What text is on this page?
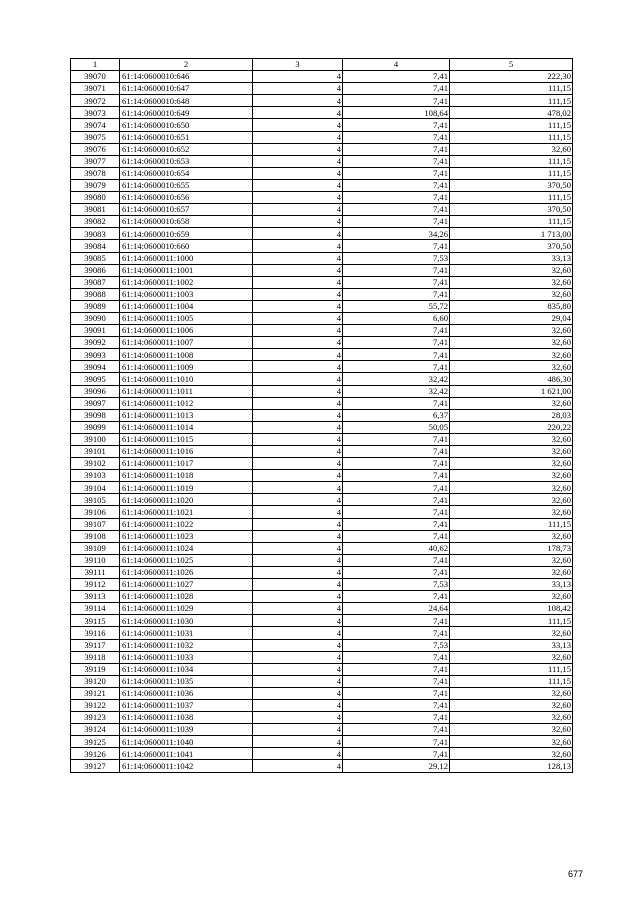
1	2	3	4	5
39070	61:14:0600010:646	4	7,41	222,30
39071	61:14:0600010:647	4	7,41	111,15
39072	61:14:0600010:648	4	7,41	111,15
39073	61:14:0600010:649	4	108,64	478,02
39074	61:14:0600010:650	4	7,41	111,15
39075	61:14:0600010:651	4	7,41	111,15
39076	61:14:0600010:652	4	7,41	32,60
39077	61:14:0600010:653	4	7,41	111,15
39078	61:14:0600010:654	4	7,41	111,15
39079	61:14:0600010:655	4	7,41	370,50
39080	61:14:0600010:656	4	7,41	111,15
39081	61:14:0600010:657	4	7,41	370,50
39082	61:14:0600010:658	4	7,41	111,15
39083	61:14:0600010:659	4	34,26	1 713,00
39084	61:14:0600010:660	4	7,41	370,50
39085	61:14:0600011:1000	4	7,53	33,13
39086	61:14:0600011:1001	4	7,41	32,60
39087	61:14:0600011:1002	4	7,41	32,60
39088	61:14:0600011:1003	4	7,41	32,60
39089	61:14:0600011:1004	4	55,72	835,80
39090	61:14:0600011:1005	4	6,60	29,04
39091	61:14:0600011:1006	4	7,41	32,60
39092	61:14:0600011:1007	4	7,41	32,60
39093	61:14:0600011:1008	4	7,41	32,60
39094	61:14:0600011:1009	4	7,41	32,60
39095	61:14:0600011:1010	4	32,42	486,30
39096	61:14:0600011:1011	4	32,42	1 621,00
39097	61:14:0600011:1012	4	7,41	32,60
39098	61:14:0600011:1013	4	6,37	28,03
39099	61:14:0600011:1014	4	50,05	220,22
39100	61:14:0600011:1015	4	7,41	32,60
39101	61:14:0600011:1016	4	7,41	32,60
39102	61:14:0600011:1017	4	7,41	32,60
39103	61:14:0600011:1018	4	7,41	32,60
39104	61:14:0600011:1019	4	7,41	32,60
39105	61:14:0600011:1020	4	7,41	32,60
39106	61:14:0600011:1021	4	7,41	32,60
39107	61:14:0600011:1022	4	7,41	111,15
39108	61:14:0600011:1023	4	7,41	32,60
39109	61:14:0600011:1024	4	40,62	178,73
39110	61:14:0600011:1025	4	7,41	32,60
39111	61:14:0600011:1026	4	7,41	32,60
39112	61:14:0600011:1027	4	7,53	33,13
39113	61:14:0600011:1028	4	7,41	32,60
39114	61:14:0600011:1029	4	24,64	108,42
39115	61:14:0600011:1030	4	7,41	111,15
39116	61:14:0600011:1031	4	7,41	32,60
39117	61:14:0600011:1032	4	7,53	33,13
39118	61:14:0600011:1033	4	7,41	32,60
39119	61:14:0600011:1034	4	7,41	111,15
39120	61:14:0600011:1035	4	7,41	111,15
39121	61:14:0600011:1036	4	7,41	32,60
39122	61:14:0600011:1037	4	7,41	32,60
39123	61:14:0600011:1038	4	7,41	32,60
39124	61:14:0600011:1039	4	7,41	32,60
39125	61:14:0600011:1040	4	7,41	32,60
39126	61:14:0600011:1041	4	7,41	32,60
39127	61:14:0600011:1042	4	29,12	128,13
677
